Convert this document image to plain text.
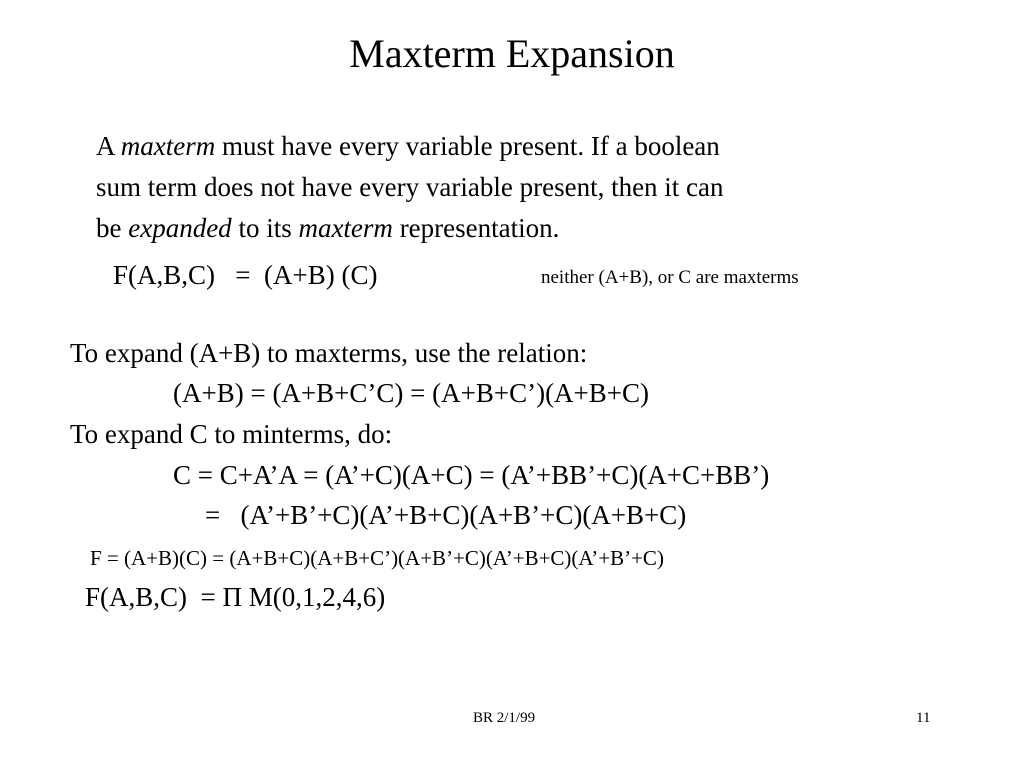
Maxterm Expansion
A maxterm must have every variable present. If a boolean
sum term does not have every variable present, then it can
be expanded to its maxterm representation.
F(A,B,C)   =  (A+B) (C)	neither (A+B), or C are maxterms
To expand (A+B) to maxterms, use the relation:
(A+B) = (A+B+C’C) = (A+B+C’)(A+B+C)
To expand C to minterms, do:
C = C+A’A = (A’+C)(A+C) = (A’+BB’+C)(A+C+BB’)
=   (A’+B’+C)(A’+B+C)(A+B’+C)(A+B+C)
F = (A+B)(C) = (A+B+C)(A+B+C’)(A+B’+C)(A’+B+C)(A’+B’+C)
F(A,B,C)  = Π M(0,1,2,4,6)
BR 2/1/99	11
